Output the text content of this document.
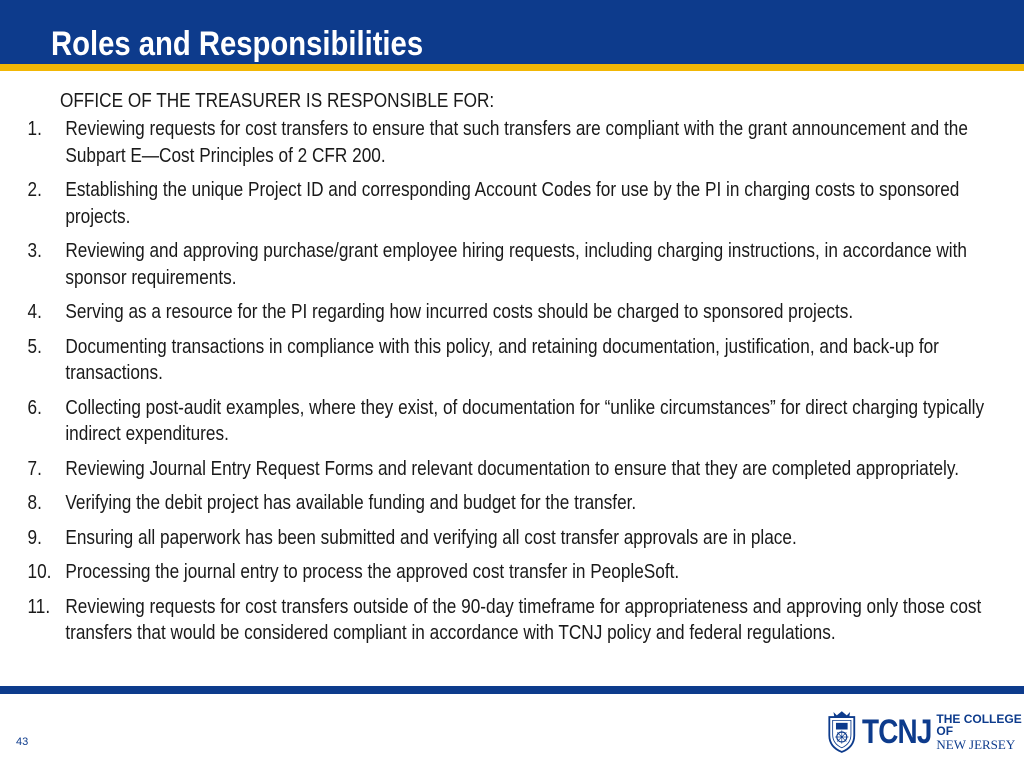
Roles and Responsibilities

OFFICE OF THE TREASURER IS RESPONSIBLE FOR:

1.	Reviewing requests for cost transfers to ensure that such transfers are compliant with the grant announcement and the Subpart E—Cost Principles of 2 CFR 200.
2.	Establishing the unique Project ID and corresponding Account Codes for use by the PI in charging costs to sponsored projects.
3.	Reviewing and approving purchase/grant employee hiring requests, including charging instructions, in accordance with sponsor requirements.
4.	Serving as a resource for the PI regarding how incurred costs should be charged to sponsored projects.
5.	Documenting transactions in compliance with this policy, and retaining documentation, justification, and back-up for transactions.
6.	Collecting post-audit examples, where they exist, of documentation for “unlike circumstances” for direct charging typically indirect expenditures.
7.	Reviewing Journal Entry Request Forms and relevant documentation to ensure that they are completed appropriately.
8.	Verifying the debit project has available funding and budget for the transfer.
9.	Ensuring all paperwork has been submitted and verifying all cost transfer approvals are in place.
10. Processing the journal entry to process the approved cost transfer in PeopleSoft.
11. Reviewing requests for cost transfers outside of the 90-day timeframe for appropriateness and approving only those cost transfers that would be considered compliant in accordance with TCNJ policy and federal regulations.
43	TCNJ THE COLLEGE OF
NEW JERSEY
